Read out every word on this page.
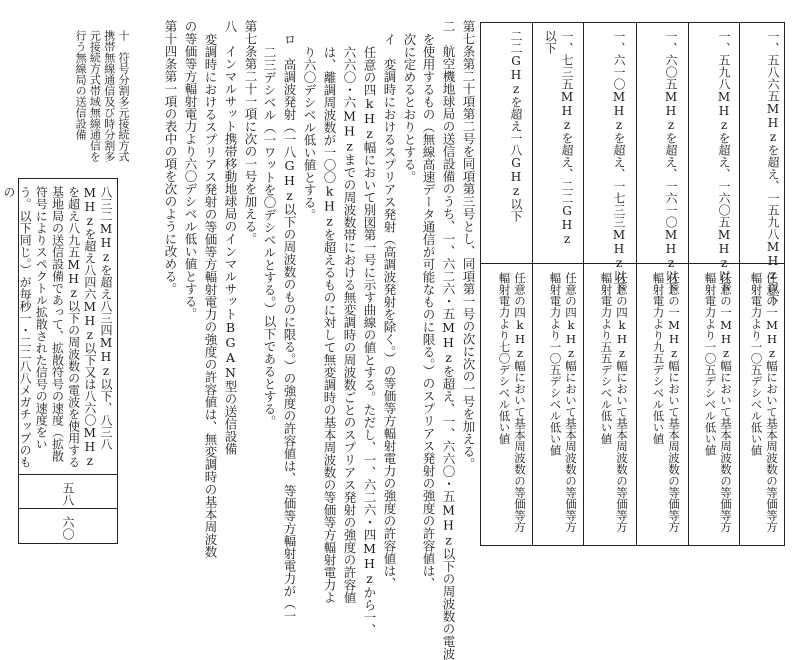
一、五八六五MHzを超え、一五九八MHz以下
任意の一MHz幅において基本周波数の等価等方輻射電力より一〇五デシベル低い値
一、五九八MHzを超え、一六〇五MHz以下
任意の一MHz幅において基本周波数の等価等方輻射電力より一〇五デシベル低い値
一、六〇五MHzを超え、一六一〇MHz以下
任意の一MHz幅において基本周波数の等価等方輻射電力より九五デシベル低い値
一、六一〇MHzを超え、一七三三MHz以下
任意の四kHz幅において基本周波数の等価等方輻射電力より五五デシベル低い値
一、七三五MHzを超え、二二GHz以下
任意の四kHz幅において基本周波数の等価等方輻射電力より一〇五デシベル低い値
二二GHzを超え一八GHz以下
任意の四kHz幅において基本周波数の等価等方輻射電力より七〇デシベル低い値
第七条第二十項第二号を同項第三号とし、同項第一号の次に次の一号を加える。
二　航空機地球局の送信設備のうち、一、六二六・五MHzを超え、一、六六〇・五MHz以下の周波数の電波
を使用するもの（無線高速データ通信が可能なものに限る。）のスプリアス発射の強度の許容値は、
次に定めるとおりとする。
イ　変調時におけるスプリアス発射（高調波発射を除く。）の等価等方輻射電力の強度の許容値は、
任意の四kHz幅において別図第一号に示す曲線の値とする。ただし、一、六二六・四MHzから一、
六六〇・六MHzまでの周波数帯における無変調時の周波数ごとのスプリアス発射の強度の許容値
は、離調周波数が一〇〇kHzを超えるものに対して無変調時の基本周波数の等価等方輻射電力よ
り六〇デシベル低い値とする。
ロ　高調波発射（一八GHz以下の周波数のものに限る。）の強度の許容値は、等価等方輻射電力が（一
二三デシベル（一ワットを〇デシベルとする。）以下であるとする。
第七条第二十一項に次の一号を加える。
八　インマルサット携帯移動地球局のインマルサットBGAN型の送信設備
変調時におけるスプリアス発射の等価等方輻射電力の強度の許容値は、無変調時の基本周波数
の等価等方輻射電力より六〇デシベル低い値とする。
第十四条第一項の表中の項を次のように改める。
十　符号分割多元接続方式携帯無線通信及び時分割多元接続方式帯域無線通信を行う無線局の送信設備
八三二MHzを超え八三四MHz以下、八三八MHzを超え八四六MHz以下又は八六〇MHzを超え八九五MHz以下の周波数の電波を使用する基地局の送信設備であって、拡散符号の速度（拡散符号によりスペクトル拡散された信号の速度をいう。以下同じ。）が毎秒一・二二八八メガチップのもの
五八
六〇
